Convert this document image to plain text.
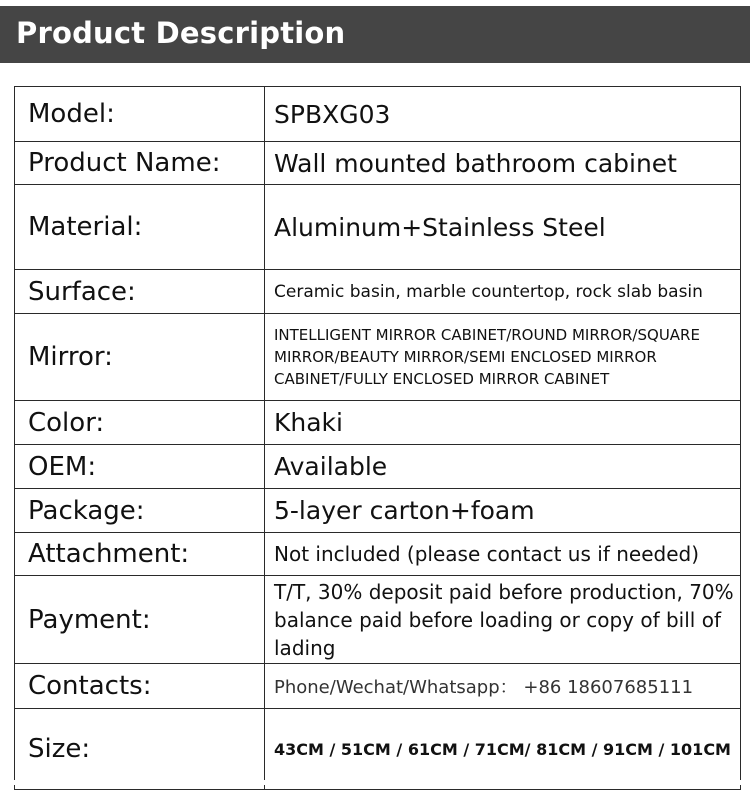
Product Description
Model:	SPBXG03
Product Name:	Wall mounted bathroom cabinet
Material:	Aluminum+Stainless Steel
Surface:	Ceramic basin, marble countertop, rock slab basin
Mirror:	INTELLIGENT MIRROR CABINET/ROUND MIRROR/SQUARE MIRROR/BEAUTY MIRROR/SEMI ENCLOSED MIRROR CABINET/FULLY ENCLOSED MIRROR CABINET
Color:	Khaki
OEM:	Available
Package:	5-layer carton+foam
Attachment:	Not included (please contact us if needed)
Payment:	T/T, 30% deposit paid before production, 70% balance paid before loading or copy of bill of lading
Contacts:	Phone/Wechat/Whatsapp： +86 18607685111
Size:	43CM / 51CM / 61CM / 71CM/ 81CM / 91CM / 101CM
